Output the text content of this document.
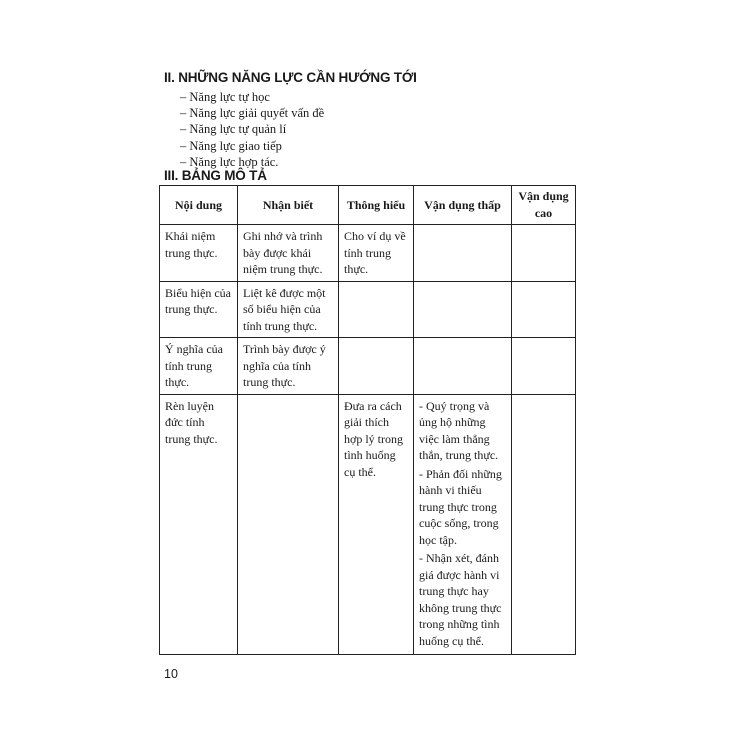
II. NHỮNG NĂNG LỰC CẦN HƯỚNG TỚI
– Năng lực tự học
– Năng lực giải quyết vấn đề
– Năng lực tự quản lí
– Năng lực giao tiếp
– Năng lực hợp tác.
III. BẢNG MÔ TẢ
Nội dung	Nhận biết	Thông hiểu	Vận dụng thấp	Vận dụng cao
Khái niệm trung thực.	Ghi nhớ và trình bày được khái niệm trung thực.	Cho ví dụ về tính trung thực.	

Biểu hiện của trung thực.	Liệt kê được một số biểu hiện của tính trung thực.		

Ý nghĩa của tính trung thực.	Trình bày được ý nghĩa của tính trung thực.		

Rèn luyện đức tính trung thực.		Đưa ra cách giải thích hợp lý trong tình huống cụ thể.	- Quý trọng và ủng hộ những việc làm thẳng thắn, trung thực.
- Phản đối những hành vi thiếu trung thực trong cuộc sống, trong học tập.
- Nhận xét, đánh giá được hành vi trung thực hay không trung thực trong những tình huống cụ thể.	

10
